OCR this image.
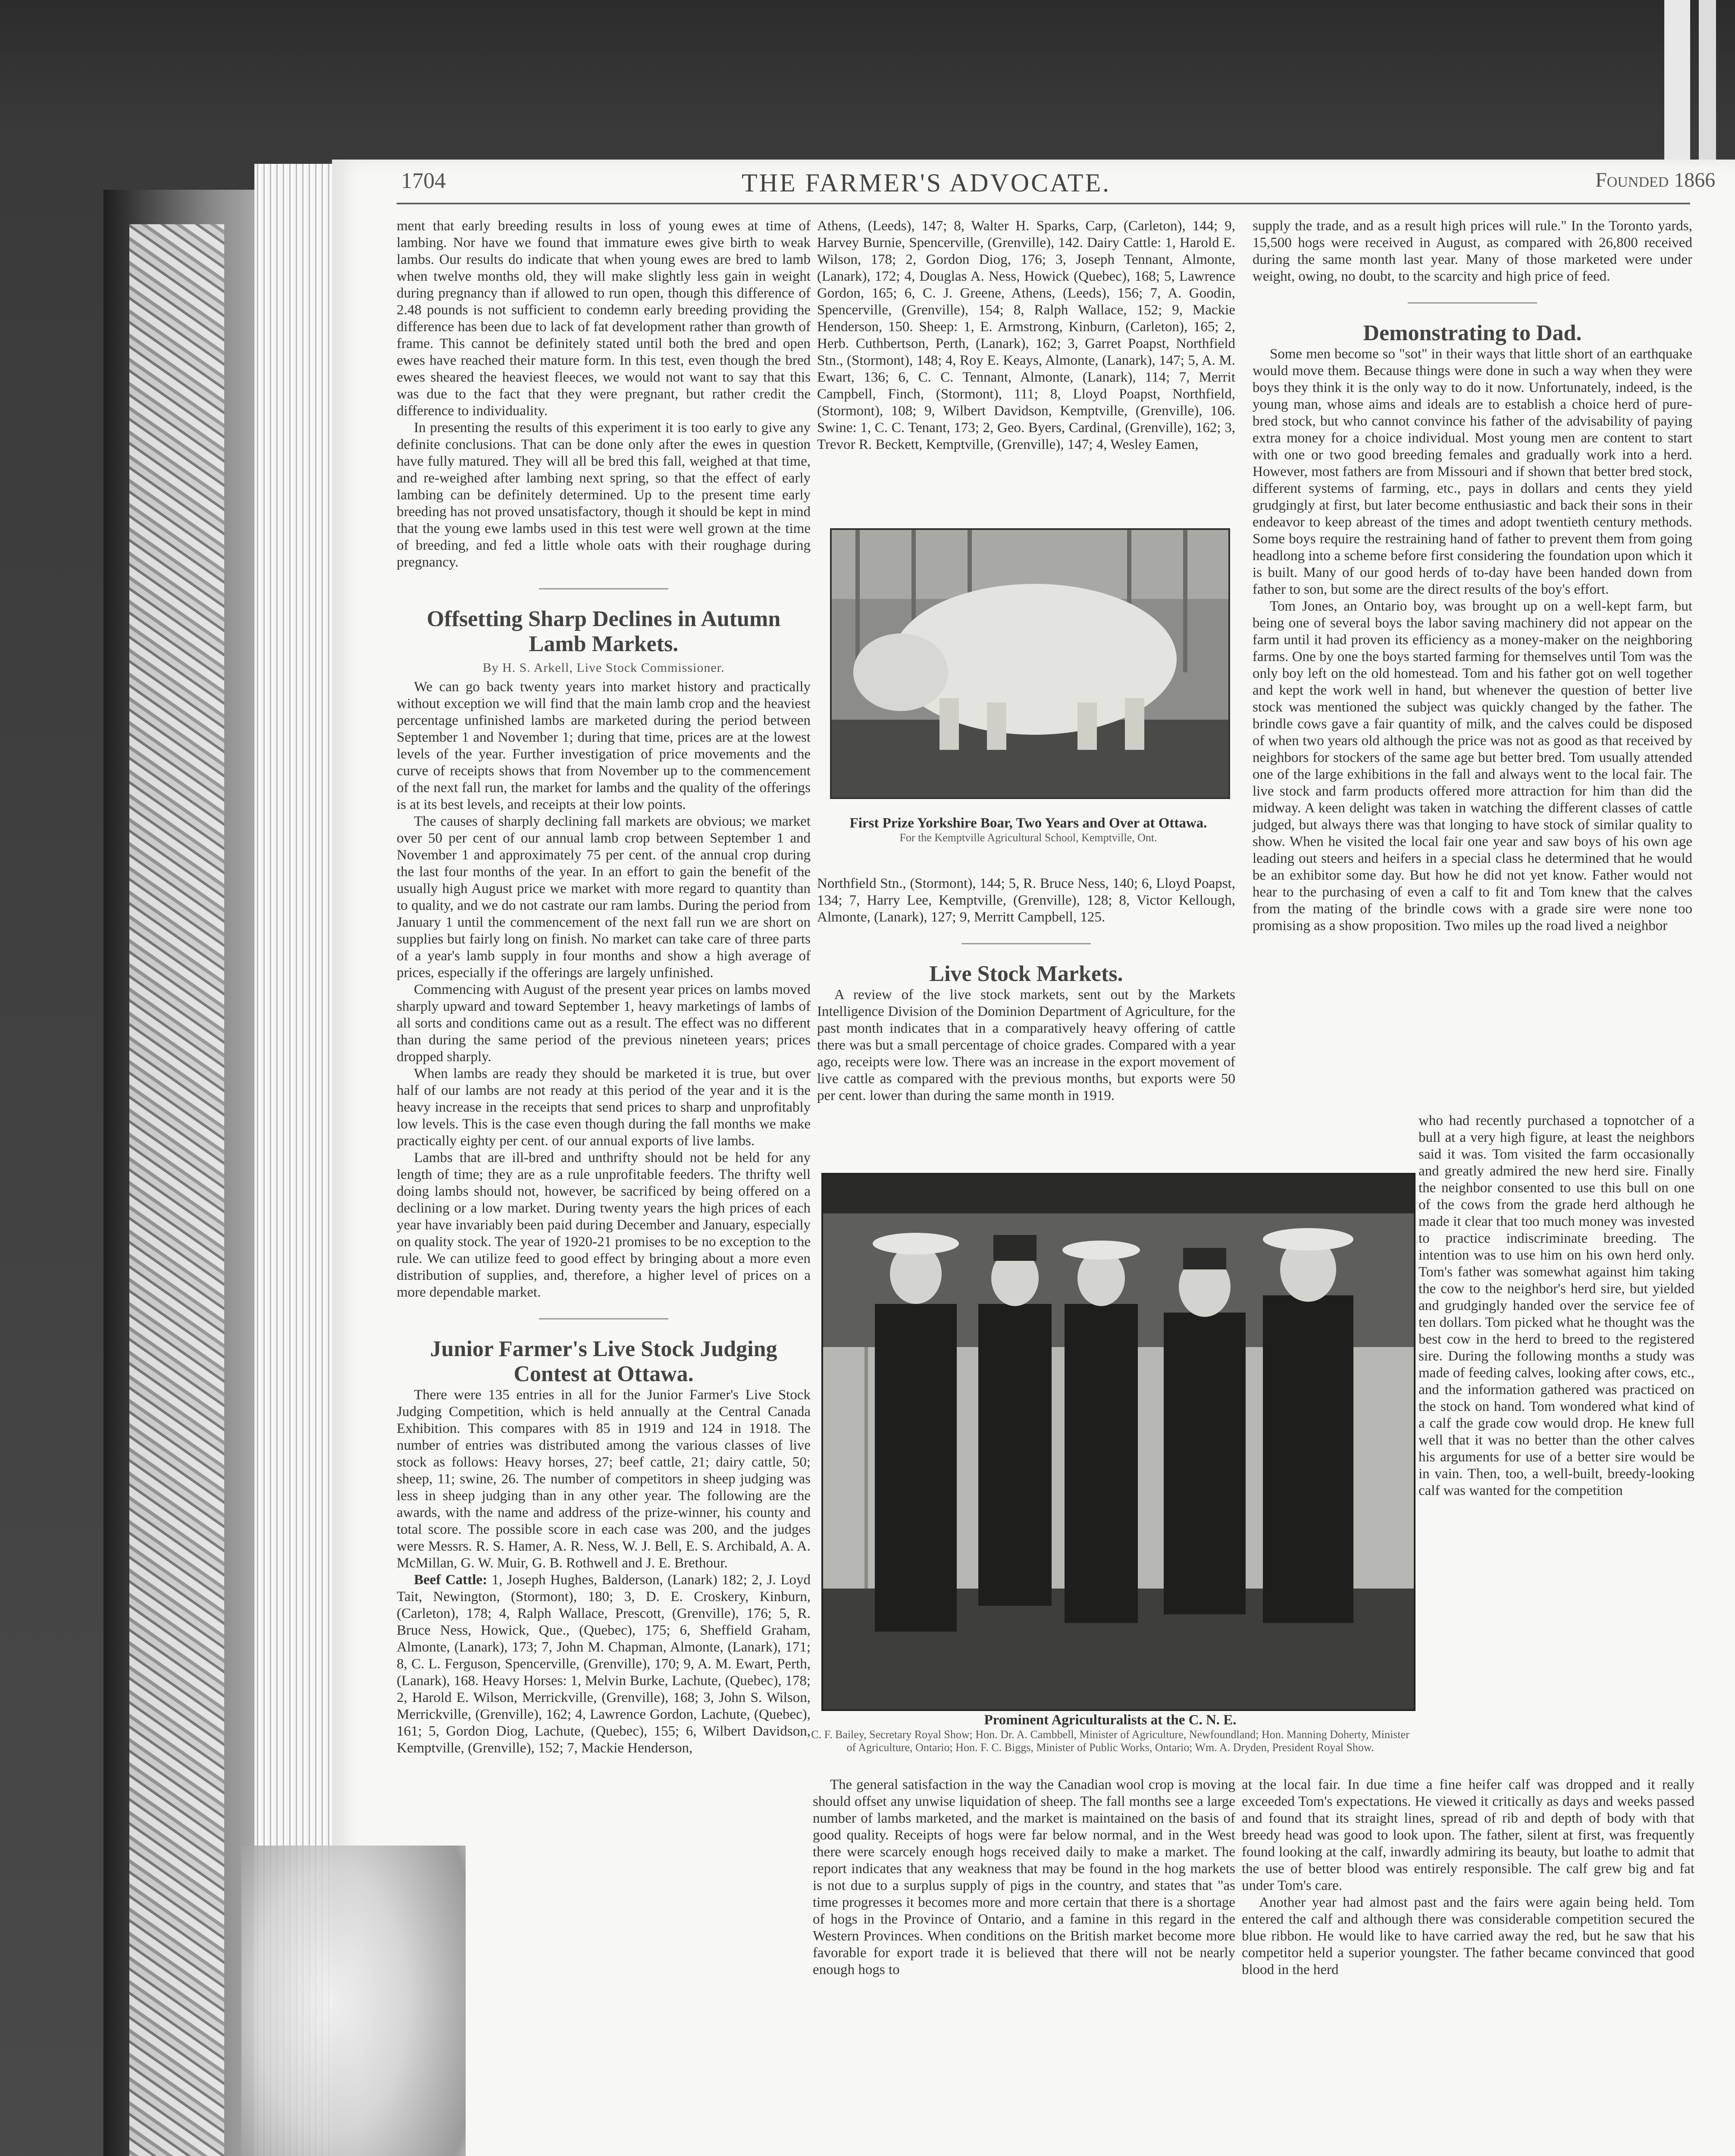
1704	THE FARMER'S ADVOCATE.	Founded 1866

ment that early breeding results in loss of young ewes at time of lambing. Nor have we found that immature ewes give birth to weak lambs. Our results do indicate that when young ewes are bred to lamb when twelve months old, they will make slightly less gain in weight during pregnancy than if allowed to run open, though this difference of 2.48 pounds is not sufficient to condemn early breeding providing the difference has been due to lack of fat development rather than growth of frame. This cannot be definitely stated until both the bred and open ewes have reached their mature form. In this test, even though the bred ewes sheared the heaviest fleeces, we would not want to say that this was due to the fact that they were pregnant, but rather credit the difference to individuality.

In presenting the results of this experiment it is too early to give any definite conclusions. That can be done only after the ewes in question have fully matured. They will all be bred this fall, weighed at that time, and re-weighed after lambing next spring, so that the effect of early lambing can be definitely determined. Up to the present time early breeding has not proved unsatisfactory, though it should be kept in mind that the young ewe lambs used in this test were well grown at the time of breeding, and fed a little whole oats with their roughage during pregnancy.

Offsetting Sharp Declines in Autumn Lamb Markets.
By H. S. Arkell, Live Stock Commissioner.

We can go back twenty years into market history and practically without exception we will find that the main lamb crop and the heaviest percentage unfinished lambs are marketed during the period between September 1 and November 1; during that time, prices are at the lowest levels of the year. Further investigation of price movements and the curve of receipts shows that from November up to the commencement of the next fall run, the market for lambs and the quality of the offerings is at its best levels, and receipts at their low points.

The causes of sharply declining fall markets are obvious; we market over 50 per cent of our annual lamb crop between September 1 and November 1 and approximately 75 per cent. of the annual crop during the last four months of the year. In an effort to gain the benefit of the usually high August price we market with more regard to quantity than to quality, and we do not castrate our ram lambs. During the period from January 1 until the commencement of the next fall run we are short on supplies but fairly long on finish. No market can take care of three parts of a year's lamb supply in four months and show a high average of prices, especially if the offerings are largely unfinished.

Commencing with August of the present year prices on lambs moved sharply upward and toward September 1, heavy marketings of lambs of all sorts and conditions came out as a result. The effect was no different than during the same period of the previous nineteen years; prices dropped sharply.

When lambs are ready they should be marketed it is true, but over half of our lambs are not ready at this period of the year and it is the heavy increase in the receipts that send prices to sharp and unprofitably low levels. This is the case even though during the fall months we make practically eighty per cent. of our annual exports of live lambs.

Lambs that are ill-bred and unthrifty should not be held for any length of time; they are as a rule unprofitable feeders. The thrifty well doing lambs should not, however, be sacrificed by being offered on a declining or a low market. During twenty years the high prices of each year have invariably been paid during December and January, especially on quality stock. The year of 1920-21 promises to be no exception to the rule. We can utilize feed to good effect by bringing about a more even distribution of supplies, and, therefore, a higher level of prices on a more dependable market.

Junior Farmer's Live Stock Judging Contest at Ottawa.

There were 135 entries in all for the Junior Farmer's Live Stock Judging Competition, which is held annually at the Central Canada Exhibition. This compares with 85 in 1919 and 124 in 1918. The number of entries was distributed among the various classes of live stock as follows: Heavy horses, 27; beef cattle, 21; dairy cattle, 50; sheep, 11; swine, 26. The number of competitors in sheep judging was less in sheep judging than in any other year. The following are the awards, with the name and address of the prize-winner, his county and total score. The possible score in each case was 200, and the judges were Messrs. R. S. Hamer, A. R. Ness, W. J. Bell, E. S. Archibald, A. A. McMillan, G. W. Muir, G. B. Rothwell and J. E. Brethour.

Beef Cattle: 1, Joseph Hughes, Balderson, (Lanark) 182; 2, J. Loyd Tait, Newington, (Stormont), 180; 3, D. E. Croskery, Kinburn, (Carleton), 178; 4, Ralph Wallace, Prescott, (Grenville), 176; 5, R. Bruce Ness, Howick, Que., (Quebec), 175; 6, Sheffield Graham, Almonte, (Lanark), 173; 7, John M. Chapman, Almonte, (Lanark), 171; 8, C. L. Ferguson, Spencerville, (Grenville), 170; 9, A. M. Ewart, Perth, (Lanark), 168. Heavy Horses: 1, Melvin Burke, Lachute, (Quebec), 178; 2, Harold E. Wilson, Merrickville, (Grenville), 168; 3, John S. Wilson, Merrickville, (Grenville), 162; 4, Lawrence Gordon, Lachute, (Quebec), 161; 5, Gordon Diog, Lachute, (Quebec), 155; 6, Wilbert Davidson, Kemptville, (Grenville), 152; 7, Mackie Henderson,

Athens, (Leeds), 147; 8, Walter H. Sparks, Carp, (Carleton), 144; 9, Harvey Burnie, Spencerville, (Grenville), 142. Dairy Cattle: 1, Harold E. Wilson, 178; 2, Gordon Diog, 176; 3, Joseph Tennant, Almonte, (Lanark), 172; 4, Douglas A. Ness, Howick (Quebec), 168; 5, Lawrence Gordon, 165; 6, C. J. Greene, Athens, (Leeds), 156; 7, A. Goodin, Spencerville, (Grenville), 154; 8, Ralph Wallace, 152; 9, Mackie Henderson, 150. Sheep: 1, E. Armstrong, Kinburn, (Carleton), 165; 2, Herb. Cuthbertson, Perth, (Lanark), 162; 3, Garret Poapst, Northfield Stn., (Stormont), 148; 4, Roy E. Keays, Almonte, (Lanark), 147; 5, A. M. Ewart, 136; 6, C. C. Tennant, Almonte, (Lanark), 114; 7, Merrit Campbell, Finch, (Stormont), 111; 8, Lloyd Poapst, Northfield, (Stormont), 108; 9, Wilbert Davidson, Kemptville, (Grenville), 106. Swine: 1, C. C. Tenant, 173; 2, Geo. Byers, Cardinal, (Grenville), 162; 3, Trevor R. Beckett, Kemptville, (Grenville), 147; 4, Wesley Eamen,

First Prize Yorkshire Boar, Two Years and Over at Ottawa.
For the Kemptville Agricultural School, Kemptville, Ont.

Northfield Stn., (Stormont), 144; 5, R. Bruce Ness, 140; 6, Lloyd Poapst, 134; 7, Harry Lee, Kemptville, (Grenville), 128; 8, Victor Kellough, Almonte, (Lanark), 127; 9, Merritt Campbell, 125.

Live Stock Markets.

A review of the live stock markets, sent out by the Markets Intelligence Division of the Dominion Department of Agriculture, for the past month indicates that in a comparatively heavy offering of cattle there was but a small percentage of choice grades. Compared with a year ago, receipts were low. There was an increase in the export movement of live cattle as compared with the previous months, but exports were 50 per cent. lower than during the same month in 1919.

Prominent Agriculturalists at the C. N. E.
C. F. Bailey, Secretary Royal Show; Hon. Dr. A. Cambbell, Minister of Agriculture, Newfoundland; Hon. Manning Doherty, Minister of Agriculture, Ontario; Hon. F. C. Biggs, Minister of Public Works, Ontario; Wm. A. Dryden, President Royal Show.

The general satisfaction in the way the Canadian wool crop is moving should offset any unwise liquidation of sheep. The fall months see a large number of lambs marketed, and the market is maintained on the basis of good quality. Receipts of hogs were far below normal, and in the West there were scarcely enough hogs received daily to make a market. The report indicates that any weakness that may be found in the hog markets is not due to a surplus supply of pigs in the country, and states that "as time progresses it becomes more and more certain that there is a shortage of hogs in the Province of Ontario, and a famine in this regard in the Western Provinces. When conditions on the British market become more favorable for export trade it is believed that there will not be nearly enough hogs to

supply the trade, and as a result high prices will rule." In the Toronto yards, 15,500 hogs were received in August, as compared with 26,800 received during the same month last year. Many of those marketed were under weight, owing, no doubt, to the scarcity and high price of feed.

Demonstrating to Dad.

Some men become so "sot" in their ways that little short of an earthquake would move them. Because things were done in such a way when they were boys they think it is the only way to do it now. Unfortunately, indeed, is the young man, whose aims and ideals are to establish a choice herd of pure-bred stock, but who cannot convince his father of the advisability of paying extra money for a choice individual. Most young men are content to start with one or two good breeding females and gradually work into a herd. However, most fathers are from Missouri and if shown that better bred stock, different systems of farming, etc., pays in dollars and cents they yield grudgingly at first, but later become enthusiastic and back their sons in their endeavor to keep abreast of the times and adopt twentieth century methods. Some boys require the restraining hand of father to prevent them from going headlong into a scheme before first considering the foundation upon which it is built. Many of our good herds of to-day have been handed down from father to son, but some are the direct results of the boy's effort.

Tom Jones, an Ontario boy, was brought up on a well-kept farm, but being one of several boys the labor saving machinery did not appear on the farm until it had proven its efficiency as a money-maker on the neighboring farms. One by one the boys started farming for themselves until Tom was the only boy left on the old homestead. Tom and his father got on well together and kept the work well in hand, but whenever the question of better live stock was mentioned the subject was quickly changed by the father. The brindle cows gave a fair quantity of milk, and the calves could be disposed of when two years old although the price was not as good as that received by neighbors for stockers of the same age but better bred. Tom usually attended one of the large exhibitions in the fall and always went to the local fair. The live stock and farm products offered more attraction for him than did the midway. A keen delight was taken in watching the different classes of cattle judged, but always there was that longing to have stock of similar quality to show. When he visited the local fair one year and saw boys of his own age leading out steers and heifers in a special class he determined that he would be an exhibitor some day. But how he did not yet know. Father would not hear to the purchasing of even a calf to fit and Tom knew that the calves from the mating of the brindle cows with a grade sire were none too promising as a show proposition. Two miles up the road lived a neighbor

who had recently purchased a topnotcher of a bull at a very high figure, at least the neighbors said it was. Tom visited the farm occasionally and greatly admired the new herd sire. Finally the neighbor consented to use this bull on one of the cows from the grade herd although he made it clear that too much money was invested to practice indiscriminate breeding. The intention was to use him on his own herd only. Tom's father was somewhat against him taking the cow to the neighbor's herd sire, but yielded and grudgingly handed over the service fee of ten dollars. Tom picked what he thought was the best cow in the herd to breed to the registered sire. During the following months a study was made of feeding calves, looking after cows, etc., and the information gathered was practiced on the stock on hand. Tom wondered what kind of a calf the grade cow would drop. He knew full well that it was no better than the other calves his arguments for use of a better sire would be in vain. Then, too, a well-built, breedy-looking calf was wanted for the competition

at the local fair. In due time a fine heifer calf was dropped and it really exceeded Tom's expectations. He viewed it critically as days and weeks passed and found that its straight lines, spread of rib and depth of body with that breedy head was good to look upon. The father, silent at first, was frequently found looking at the calf, inwardly admiring its beauty, but loathe to admit that the use of better blood was entirely responsible. The calf grew big and fat under Tom's care.

Another year had almost past and the fairs were again being held. Tom entered the calf and although there was considerable competition secured the blue ribbon. He would like to have carried away the red, but he saw that his competitor held a superior youngster. The father became convinced that good blood in the herd
